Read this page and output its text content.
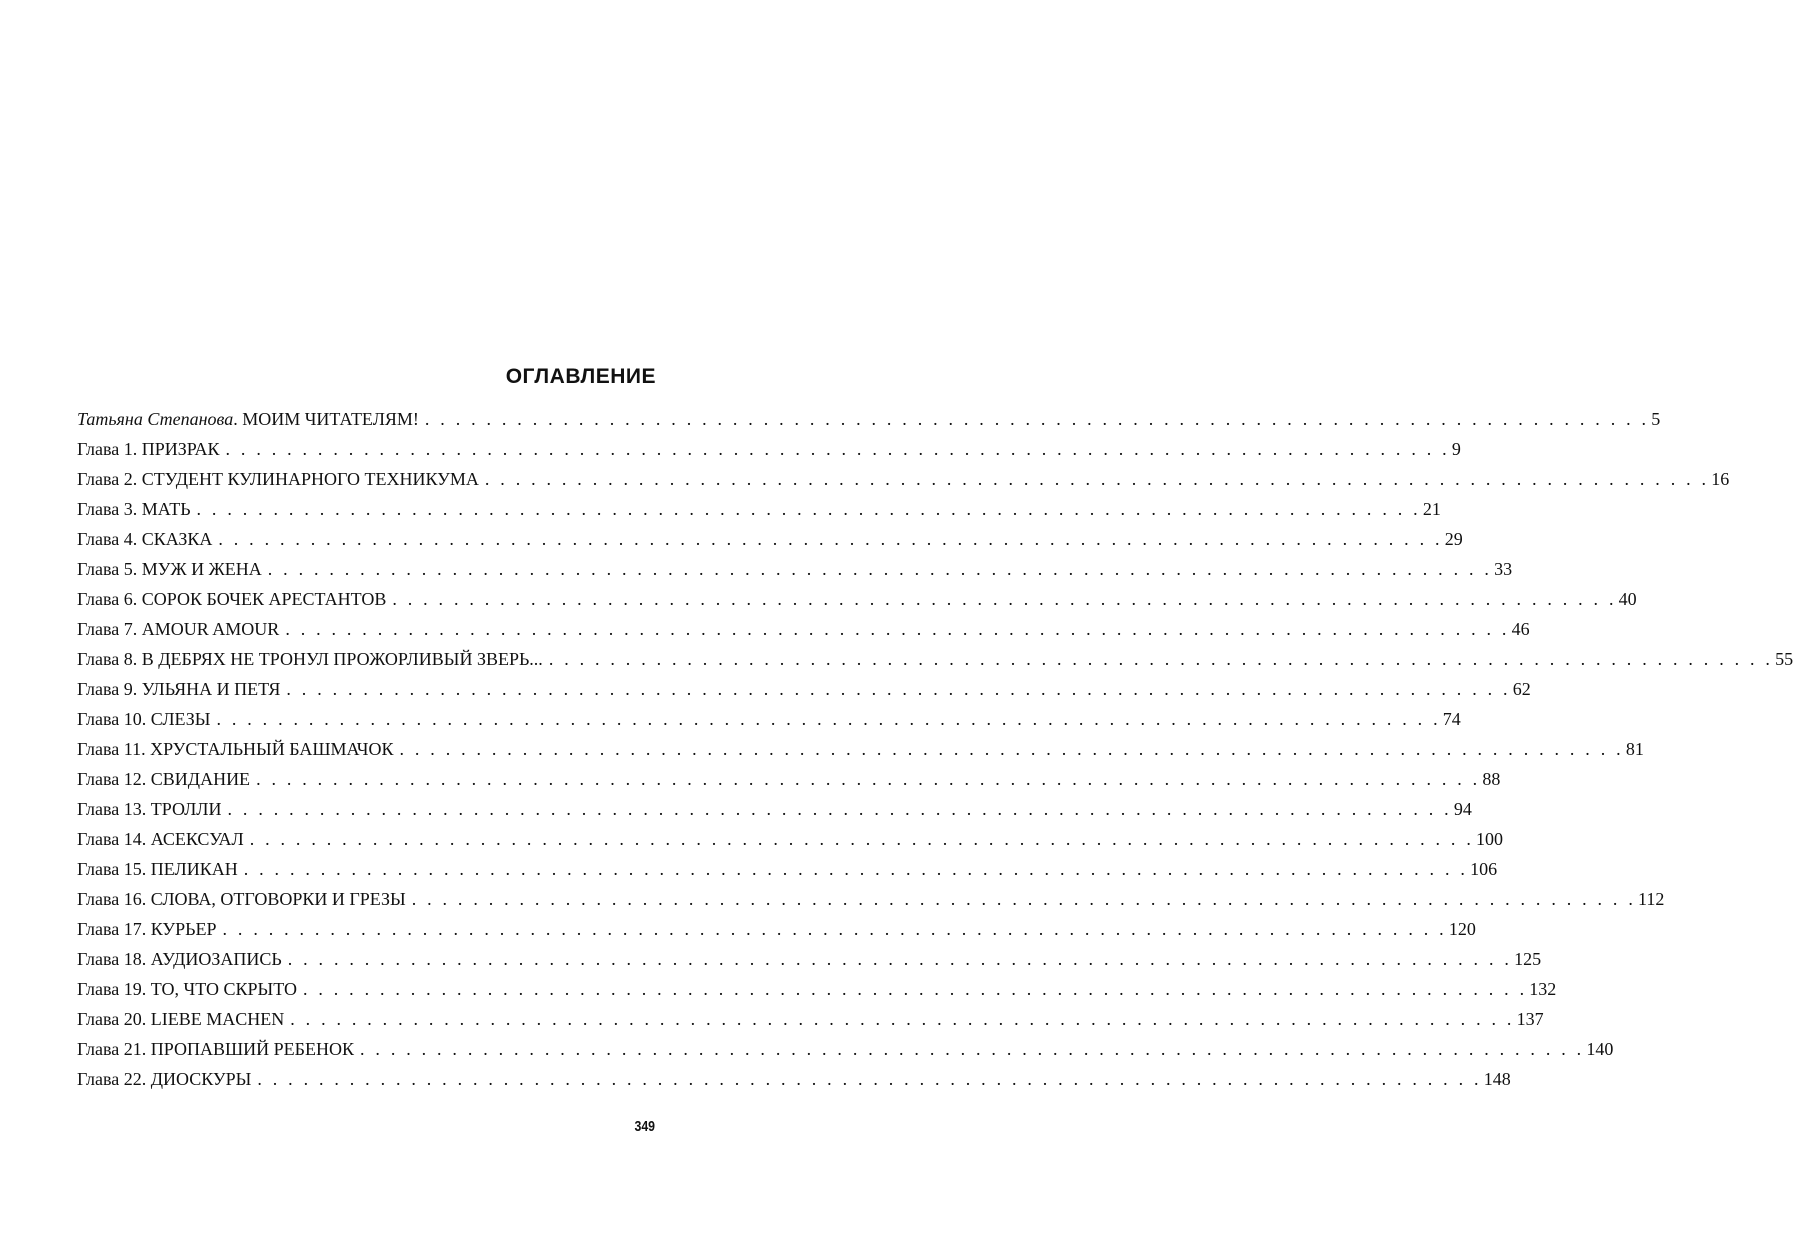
ОГЛАВЛЕНИЕ
Татьяна Степанова. МОИМ ЧИТАТЕЛЯМ! . . . . . . . . . . . . . . . . . . . . . . . . . . . . . . . . . . . . . . . . . . . . . . . . . . . . . . . . . . . . . . . . . . . . . . . . . . . . . . . . 5
Глава 1. ПРИЗРАК . . . . . . . . . . . . . . . . . . . . . . . . . . . . . . . . . . . . . . . . . . . . . . . . . . . . . . . . . . . . . . . . . . . . . . . . . . . . . . . . 9
Глава 2. СТУДЕНТ КУЛИНАРНОГО ТЕХНИКУМА . . . . . . . . . . . . . . . . . . . . . . . . . . . . . . . . . . . . . . . . . . . . . . . . . . . . . . . . . . . . . . . . . . . . . . . . . . . . . . . . 16
Глава 3. МАТЬ . . . . . . . . . . . . . . . . . . . . . . . . . . . . . . . . . . . . . . . . . . . . . . . . . . . . . . . . . . . . . . . . . . . . . . . . . . . . . . . . 21
Глава 4. СКАЗКА . . . . . . . . . . . . . . . . . . . . . . . . . . . . . . . . . . . . . . . . . . . . . . . . . . . . . . . . . . . . . . . . . . . . . . . . . . . . . . . . 29
Глава 5. МУЖ И ЖЕНА . . . . . . . . . . . . . . . . . . . . . . . . . . . . . . . . . . . . . . . . . . . . . . . . . . . . . . . . . . . . . . . . . . . . . . . . . . . . . . . . 33
Глава 6. СОРОК БОЧЕК АРЕСТАНТОВ . . . . . . . . . . . . . . . . . . . . . . . . . . . . . . . . . . . . . . . . . . . . . . . . . . . . . . . . . . . . . . . . . . . . . . . . . . . . . . . . 40
Глава 7. AMOUR AMOUR . . . . . . . . . . . . . . . . . . . . . . . . . . . . . . . . . . . . . . . . . . . . . . . . . . . . . . . . . . . . . . . . . . . . . . . . . . . . . . . . 46
Глава 8. В ДЕБРЯХ НЕ ТРОНУЛ ПРОЖОРЛИВЫЙ ЗВЕРЬ... . . . . . . . . . . . . . . . . . . . . . . . . . . . . . . . . . . . . . . . . . . . . . . . . . . . . . . . . . . . . . . . . . . . . . . . . . . . . . . . . 55
Глава 9. УЛЬЯНА И ПЕТЯ . . . . . . . . . . . . . . . . . . . . . . . . . . . . . . . . . . . . . . . . . . . . . . . . . . . . . . . . . . . . . . . . . . . . . . . . . . . . . . . . 62
Глава 10. СЛЕЗЫ . . . . . . . . . . . . . . . . . . . . . . . . . . . . . . . . . . . . . . . . . . . . . . . . . . . . . . . . . . . . . . . . . . . . . . . . . . . . . . . . 74
Глава 11. ХРУСТАЛЬНЫЙ БАШМАЧОК . . . . . . . . . . . . . . . . . . . . . . . . . . . . . . . . . . . . . . . . . . . . . . . . . . . . . . . . . . . . . . . . . . . . . . . . . . . . . . . . 81
Глава 12. СВИДАНИЕ . . . . . . . . . . . . . . . . . . . . . . . . . . . . . . . . . . . . . . . . . . . . . . . . . . . . . . . . . . . . . . . . . . . . . . . . . . . . . . . . 88
Глава 13. ТРОЛЛИ . . . . . . . . . . . . . . . . . . . . . . . . . . . . . . . . . . . . . . . . . . . . . . . . . . . . . . . . . . . . . . . . . . . . . . . . . . . . . . . . 94
Глава 14. АСЕКСУАЛ . . . . . . . . . . . . . . . . . . . . . . . . . . . . . . . . . . . . . . . . . . . . . . . . . . . . . . . . . . . . . . . . . . . . . . . . . . . . . . . . 100
Глава 15. ПЕЛИКАН . . . . . . . . . . . . . . . . . . . . . . . . . . . . . . . . . . . . . . . . . . . . . . . . . . . . . . . . . . . . . . . . . . . . . . . . . . . . . . . . 106
Глава 16. СЛОВА, ОТГОВОРКИ И ГРЕЗЫ . . . . . . . . . . . . . . . . . . . . . . . . . . . . . . . . . . . . . . . . . . . . . . . . . . . . . . . . . . . . . . . . . . . . . . . . . . . . . . . . 112
Глава 17. КУРЬЕР . . . . . . . . . . . . . . . . . . . . . . . . . . . . . . . . . . . . . . . . . . . . . . . . . . . . . . . . . . . . . . . . . . . . . . . . . . . . . . . . 120
Глава 18. АУДИОЗАПИСЬ . . . . . . . . . . . . . . . . . . . . . . . . . . . . . . . . . . . . . . . . . . . . . . . . . . . . . . . . . . . . . . . . . . . . . . . . . . . . . . . . 125
Глава 19. ТО, ЧТО СКРЫТО . . . . . . . . . . . . . . . . . . . . . . . . . . . . . . . . . . . . . . . . . . . . . . . . . . . . . . . . . . . . . . . . . . . . . . . . . . . . . . . . 132
Глава 20. LIEBE MACHEN . . . . . . . . . . . . . . . . . . . . . . . . . . . . . . . . . . . . . . . . . . . . . . . . . . . . . . . . . . . . . . . . . . . . . . . . . . . . . . . . 137
Глава 21. ПРОПАВШИЙ РЕБЕНОК . . . . . . . . . . . . . . . . . . . . . . . . . . . . . . . . . . . . . . . . . . . . . . . . . . . . . . . . . . . . . . . . . . . . . . . . . . . . . . . . 140
Глава 22. ДИОСКУРЫ . . . . . . . . . . . . . . . . . . . . . . . . . . . . . . . . . . . . . . . . . . . . . . . . . . . . . . . . . . . . . . . . . . . . . . . . . . . . . . . . 148
349
